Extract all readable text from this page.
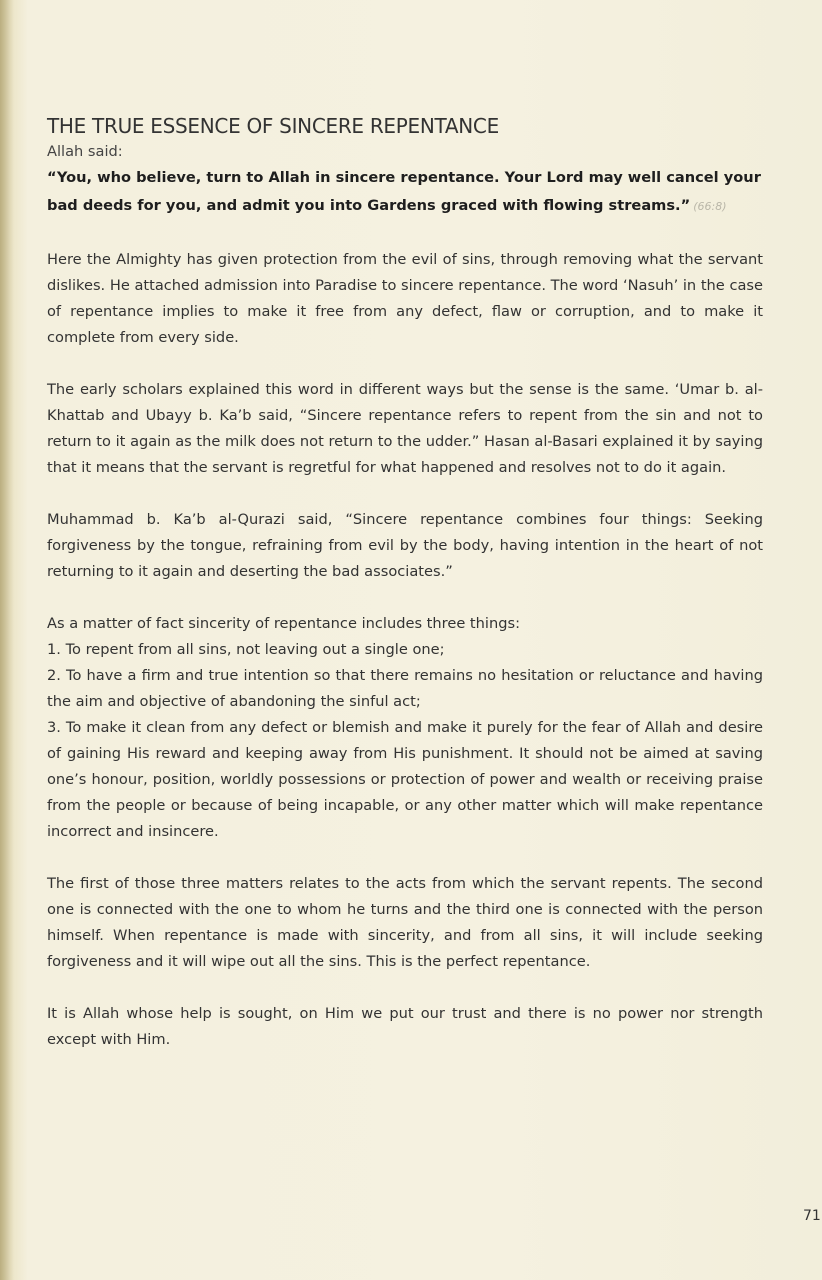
THE TRUE ESSENCE OF SINCERE REPENTANCE

Allah said:

“You, who believe, turn to Allah in sincere repentance. Your Lord may well cancel your bad deeds for you, and admit you into Gardens graced with flowing streams.” (66:8)

Here the Almighty has given protection from the evil of sins, through removing what the servant dislikes. He attached admission into Paradise to sincere repentance. The word ‘Nasuh’ in the case of repentance implies to make it free from any defect, flaw or corruption, and to make it complete from every side.

The early scholars explained this word in different ways but the sense is the same. ‘Umar b. al-Khattab and Ubayy b. Ka’b said, “Sincere repentance refers to repent from the sin and not to return to it again as the milk does not return to the udder.” Hasan al-Basari explained it by saying that it means that the servant is regretful for what happened and resolves not to do it again.

Muhammad b. Ka’b al-Qurazi said, “Sincere repentance combines four things: Seeking forgiveness by the tongue, refraining from evil by the body, having intention in the heart of not returning to it again and deserting the bad associates.”

As a matter of fact sincerity of repentance includes three things:

1. To repent from all sins, not leaving out a single one;

2. To have a firm and true intention so that there remains no hesitation or reluctance and having the aim and objective of abandoning the sinful act;

3. To make it clean from any defect or blemish and make it purely for the fear of Allah and desire of gaining His reward and keeping away from His punishment. It should not be aimed at saving one’s honour, position, worldly possessions or protection of power and wealth or receiving praise from the people or because of being incapable, or any other matter which will make repentance incorrect and insincere.

The first of those three matters relates to the acts from which the servant repents. The second one is connected with the one to whom he turns and the third one is connected with the person himself. When repentance is made with sincerity, and from all sins, it will include seeking forgiveness and it will wipe out all the sins. This is the perfect repentance.

It is Allah whose help is sought, on Him we put our trust and there is no power nor strength except with Him.

71
